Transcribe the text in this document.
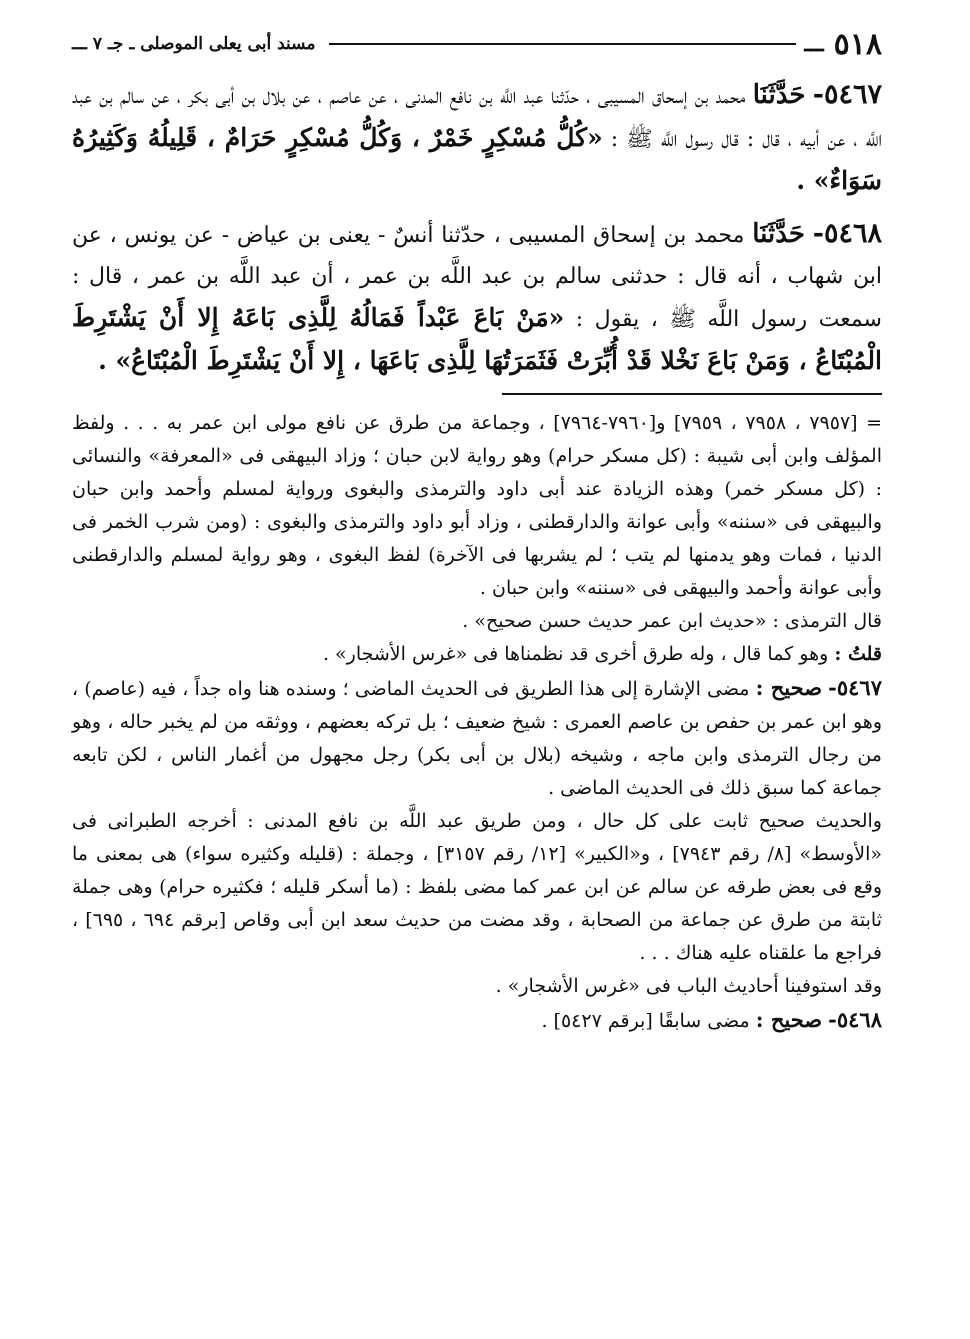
٥١٨
ـــ
مسند أبى يعلى الموصلى ـ جـ ٧ ـــ

٥٤٦٧- حَدَّثَنَا محمد بن إسحاق المسيبى ، حدّثنا عبد اللَّه بن نافع المدنى ، عن عاصم ، عن بلال بن أبى بكر ، عن سالم بن عبد اللَّه ، عن أبيه ، قال : قال رسول اللَّه ﷺ : «كُلُّ مُسْكِرٍ خَمْرٌ ، وَكُلُّ مُسْكِرٍ حَرَامٌ ، قَلِيلُهُ وَكَثِيرُهُ سَوَاءٌ» .

٥٤٦٨- حَدَّثَنَا محمد بن إسحاق المسيبى ، حدّثنا أنسٌ - يعنى بن عياض - عن يونس ، عن ابن شهاب ، أنه قال : حدثنى سالم بن عبد اللَّه بن عمر ، أن عبد اللَّه بن عمر ، قال : سمعت رسول اللَّه ﷺ ، يقول : «مَنْ بَاعَ عَبْداً فَمَالُهُ لِلَّذِى بَاعَهُ إِلا أَنْ يَشْتَرِطَ الْمُبْتَاعُ ، وَمَنْ بَاعَ نَخْلا قَدْ أُبِّرَتْ فَثَمَرَتُهَا لِلَّذِى بَاعَهَا ، إِلا أَنْ يَشْتَرِطَ الْمُبْتَاعُ» .

= [٧٩٥٧ ، ٧٩٥٨ ، ٧٩٥٩] و[٧٩٦٠-٧٩٦٤] ، وجماعة من طرق عن نافع مولى ابن عمر به . . . ولفظ المؤلف وابن أبى شيبة : (كل مسكر حرام) وهو رواية لابن حبان ؛ وزاد البيهقى فى «المعرفة» والنسائى : (كل مسكر خمر) وهذه الزيادة عند أبى داود والترمذى والبغوى ورواية لمسلم وأحمد وابن حبان والبيهقى فى «سننه» وأبى عوانة والدارقطنى ، وزاد أبو داود والترمذى والبغوى : (ومن شرب الخمر فى الدنيا ، فمات وهو يدمنها لم يتب ؛ لم يشربها فى الآخرة) لفظ البغوى ، وهو رواية لمسلم والدارقطنى وأبى عوانة وأحمد والبيهقى فى «سننه» وابن حبان .

قال الترمذى : «حديث ابن عمر حديث حسن صحيح» .

قلتُ : وهو كما قال ، وله طرق أخرى قد نظمناها فى «غرس الأشجار» .

٥٤٦٧- صحيح : مضى الإشارة إلى هذا الطريق فى الحديث الماضى ؛ وسنده هنا واه جداً ، فيه (عاصم) ، وهو ابن عمر بن حفص بن عاصم العمرى : شيخ ضعيف ؛ بل تركه بعضهم ، ووثقه من لم يخبر حاله ، وهو من رجال الترمذى وابن ماجه ، وشيخه (بلال بن أبى بكر) رجل مجهول من أغمار الناس ، لكن تابعه جماعة كما سبق ذلك فى الحديث الماضى .

والحديث صحيح ثابت على كل حال ، ومن طريق عبد اللَّه بن نافع المدنى : أخرجه الطبرانى فى «الأوسط» [٨/ رقم ٧٩٤٣] ، و«الكبير» [١٢/ رقم ٣١٥٧] ، وجملة : (قليله وكثيره سواء) هى بمعنى ما وقع فى بعض طرقه عن سالم عن ابن عمر كما مضى بلفظ : (ما أسكر قليله ؛ فكثيره حرام) وهى جملة ثابتة من طرق عن جماعة من الصحابة ، وقد مضت من حديث سعد ابن أبى وقاص [برقم ٦٩٤ ، ٦٩٥] ، فراجع ما علقناه عليه هناك . . .

وقد استوفينا أحاديث الباب فى «غرس الأشجار» .

٥٤٦٨- صحيح : مضى سابقًا [برقم ٥٤٢٧] .
